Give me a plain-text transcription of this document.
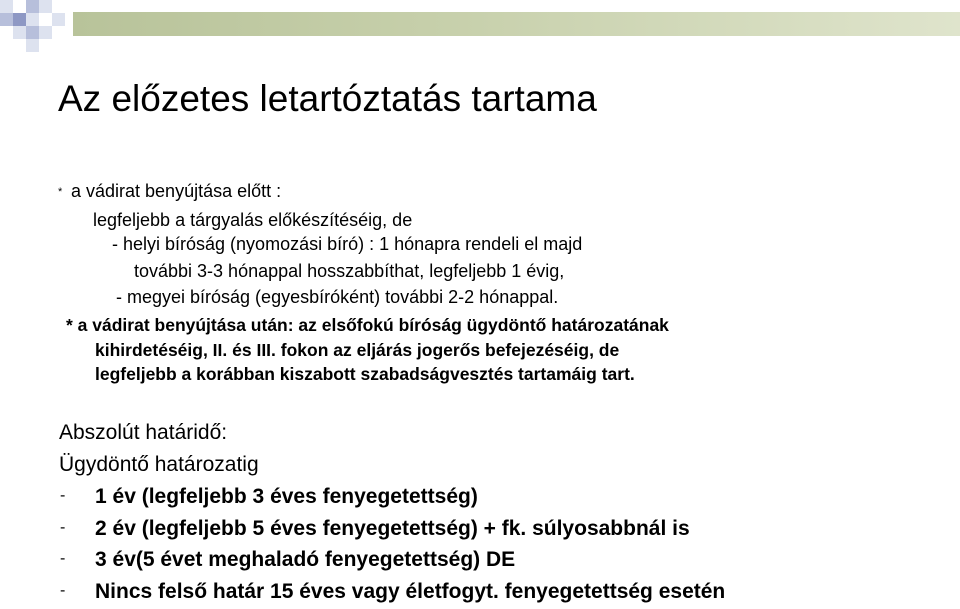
Az előzetes letartóztatás tartama
* a vádirat benyújtása előtt :

legfeljebb a tárgyalás előkészítéséig, de

- helyi bíróság (nyomozási bíró) : 1 hónapra rendeli el majd

további 3-3 hónappal hosszabbíthat, legfeljebb 1 évig,

- megyei bíróság (egyesbíróként) további 2-2 hónappal.

* a vádirat benyújtása után: az elsőfokú bíróság ügydöntő határozatának

kihirdetéséig, II. és III. fokon az eljárás jogerős befejezéséig, de

legfeljebb a korábban kiszabott szabadságvesztés tartamáig tart.

Abszolút határidő:

Ügydöntő határozatig

- 1 év (legfeljebb 3 éves fenyegetettség)

- 2 év (legfeljebb 5 éves fenyegetettség) + fk. súlyosabbnál is

- 3 év(5 évet meghaladó fenyegetettség) DE

- Nincs felső határ 15 éves vagy életfogyt. fenyegetettség esetén
